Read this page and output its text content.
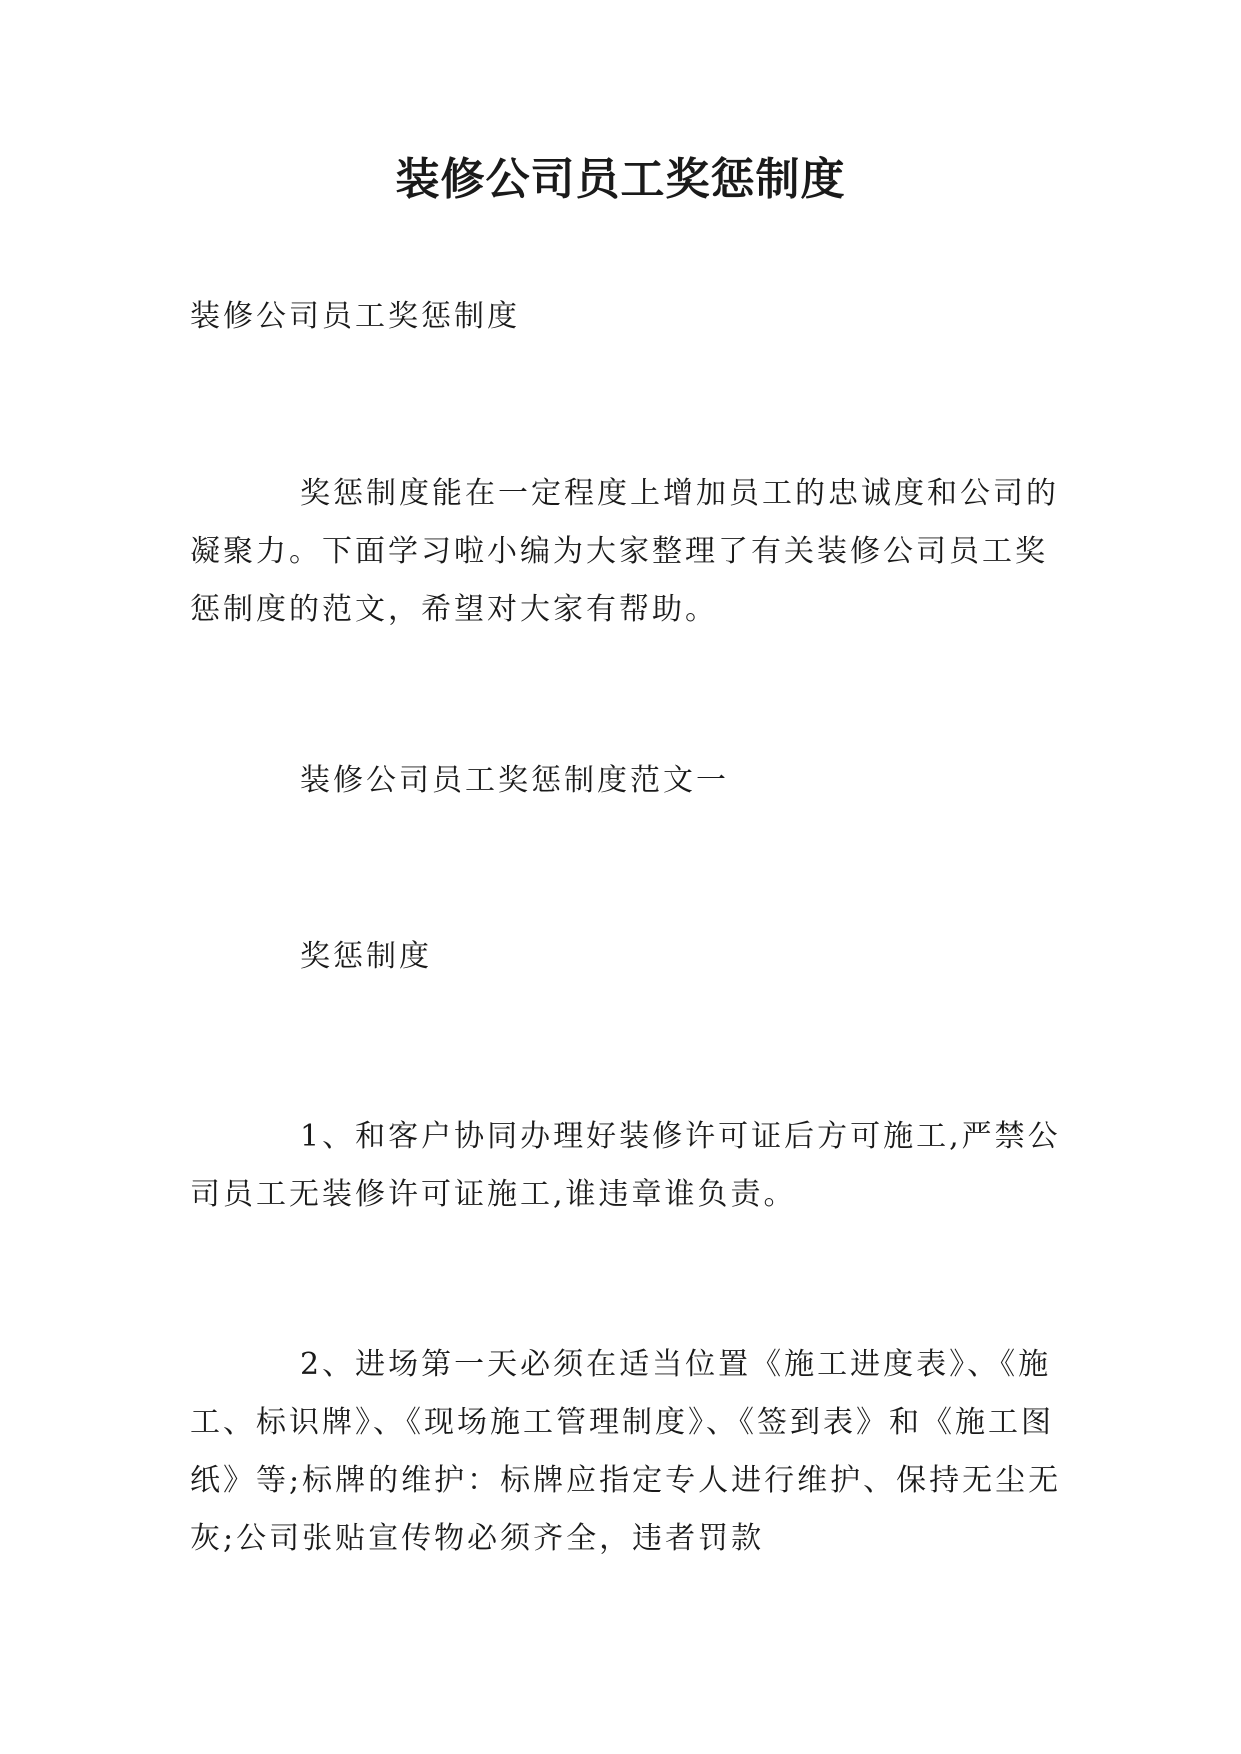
装修公司员工奖惩制度

装修公司员工奖惩制度

奖惩制度能在一定程度上增加员工的忠诚度和公司的凝聚力。下面学习啦小编为大家整理了有关装修公司员工奖惩制度的范文，希望对大家有帮助。

装修公司员工奖惩制度范文一

奖惩制度

1、和客户协同办理好装修许可证后方可施工,严禁公司员工无装修许可证施工,谁违章谁负责。

2、进场第一天必须在适当位置《施工进度表》、《施工、标识牌》、《现场施工管理制度》、《签到表》和《施工图纸》等;标牌的维护：标牌应指定专人进行维护、保持无尘无灰;公司张贴宣传物必须齐全，违者罚款
